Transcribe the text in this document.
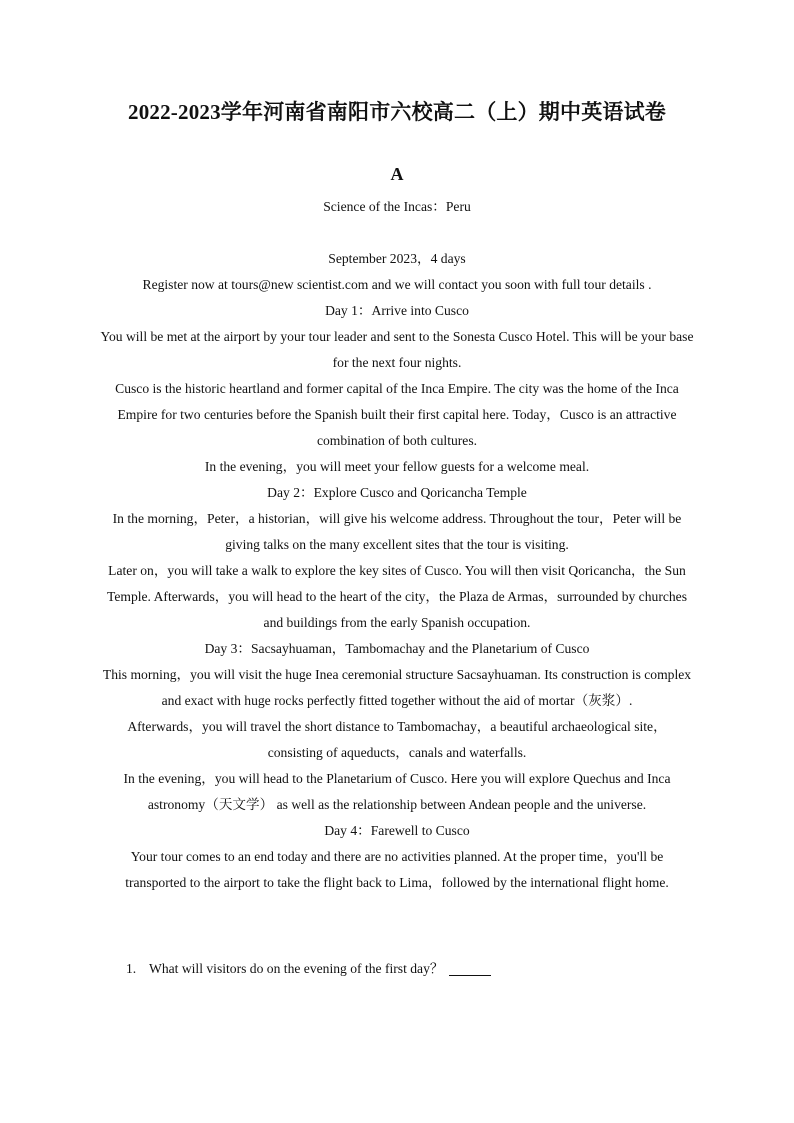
2022-2023学年河南省南阳市六校高二（上）期中英语试卷
A

Science of the Incas：Peru

September 2023，4 days

Register now at tours@new scientist.com and we will contact you soon with full tour details .

Day 1：Arrive into Cusco

You will be met at the airport by your tour leader and sent to the Sonesta Cusco Hotel. This will be your base for the next four nights.

Cusco is the historic heartland and former capital of the Inca Empire. The city was the home of the Inca Empire for two centuries before the Spanish built their first capital here. Today，Cusco is an attractive combination of both cultures.

In the evening，you will meet your fellow guests for a welcome meal.

Day 2：Explore Cusco and Qoricancha Temple

In the morning，Peter，a historian，will give his welcome address. Throughout the tour，Peter will be giving talks on the many excellent sites that the tour is visiting.

Later on，you will take a walk to explore the key sites of Cusco. You will then visit Qoricancha，the Sun Temple. Afterwards，you will head to the heart of the city，the Plaza de Armas，surrounded by churches and buildings from the early Spanish occupation.

Day 3：Sacsayhuaman，Tambomachay and the Planetarium of Cusco

This morning，you will visit the huge Inea ceremonial structure Sacsayhuaman. Its construction is complex and exact with huge rocks perfectly fitted together without the aid of mortar（灰浆）.

Afterwards，you will travel the short distance to Tambomachay，a beautiful archaeological site，consisting of aqueducts，canals and waterfalls.

In the evening，you will head to the Planetarium of Cusco. Here you will explore Quechus and Inca astronomy（天文学） as well as the relationship between Andean people and the universe.

Day 4：Farewell to Cusco

Your tour comes to an end today and there are no activities planned. At the proper time，you'll be transported to the airport to take the flight back to Lima，followed by the international flight home.

1. What will visitors do on the evening of the first day？
